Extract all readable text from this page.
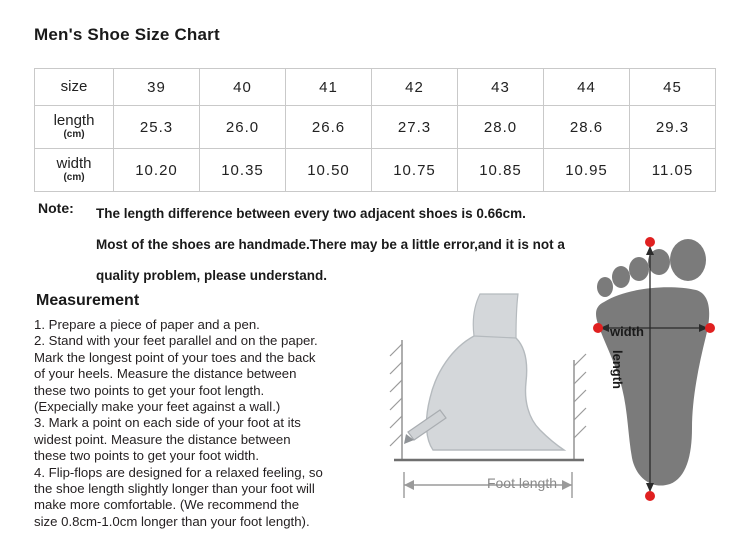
Men's Shoe Size Chart
size	39	40	41	42	43	44	45
length
(cm)	25.3	26.0	26.6	27.3	28.0	28.6	29.3
width
(cm)	10.20	10.35	10.50	10.75	10.85	10.95	11.05
Note: The length difference between every two adjacent shoes is 0.66cm.
Most of the shoes are handmade.There may be a little error,and it is not a
quality problem, please understand.
Measurement

1. Prepare a piece of paper and a pen.

2. Stand with your feet parallel and on the paper.

Mark the longest point of your toes and the back

of your heels. Measure the distance between

these two points to get your foot length.

(Expecially make your feet against a wall.)

3. Mark a point on each side of your foot at its

widest point. Measure the distance between

these two points to get your foot width.

4. Flip-flops are designed for a relaxed feeling, so

the shoe length slightly longer than your foot will

make more comfortable. (We recommend the

size 0.8cm-1.0cm longer than your foot length).

Foot length
width
length
